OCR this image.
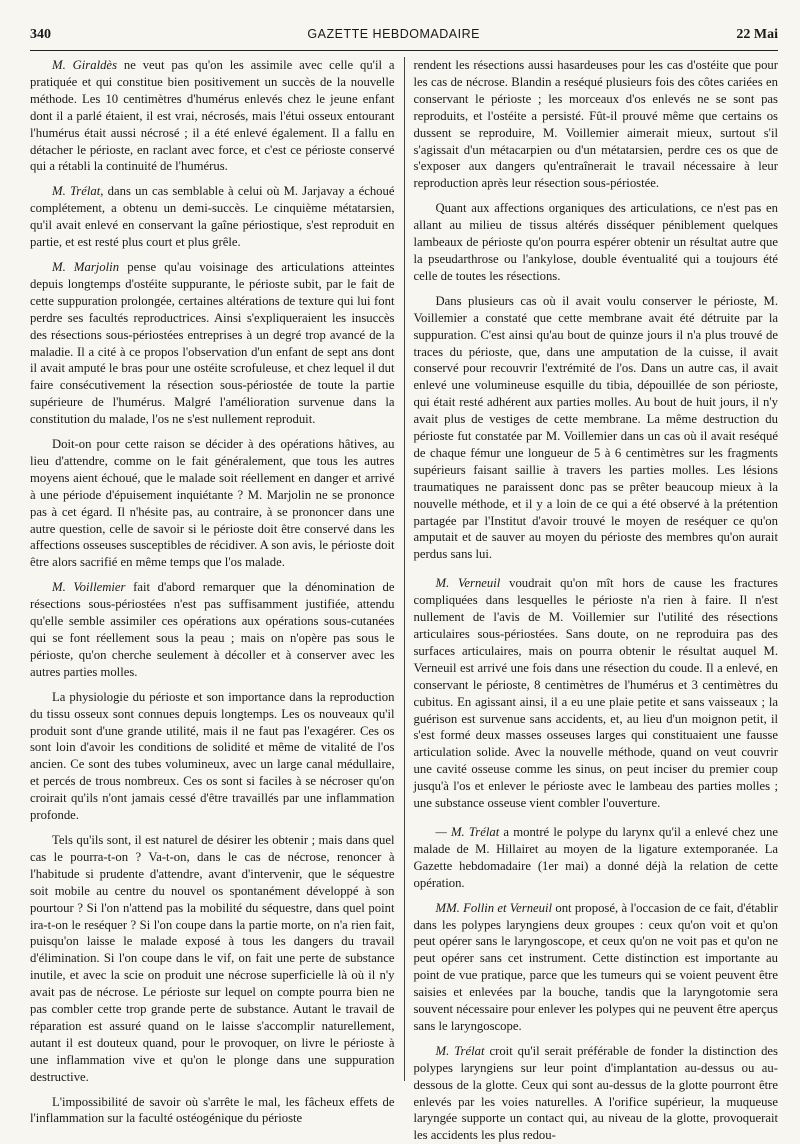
340	GAZETTE HEBDOMADAIRE	22 Mai

M. Giraldès ne veut pas qu'on les assimile avec celle qu'il a pratiquée et qui constitue bien positivement un succès de la nouvelle méthode. Les 10 centimètres d'humérus enlevés chez le jeune enfant dont il a parlé étaient, il est vrai, nécrosés, mais l'étui osseux entourant l'humérus était aussi nécrosé ; il a été enlevé également. Il a fallu en détacher le périoste, en raclant avec force, et c'est ce périoste conservé qui a rétabli la continuité de l'humérus.

M. Trélat, dans un cas semblable à celui où M. Jarjavay a échoué complétement, a obtenu un demi-succès. Le cinquième métatarsien, qu'il avait enlevé en conservant la gaîne périostique, s'est reproduit en partie, et est resté plus court et plus grêle.

M. Marjolin pense qu'au voisinage des articulations atteintes depuis longtemps d'ostéite suppurante, le périoste subit, par le fait de cette suppuration prolongée, certaines altérations de texture qui lui font perdre ses facultés reproductrices. Ainsi s'expliqueraient les insuccès des résections sous-périostées entreprises à un degré trop avancé de la maladie. Il a cité à ce propos l'observation d'un enfant de sept ans dont il avait amputé le bras pour une ostéite scrofuleuse, et chez lequel il dut faire consécutivement la résection sous-périostée de toute la partie supérieure de l'humérus. Malgré l'amélioration survenue dans la constitution du malade, l'os ne s'est nullement reproduit.

Doit-on pour cette raison se décider à des opérations hâtives, au lieu d'attendre, comme on le fait généralement, que tous les autres moyens aient échoué, que le malade soit réellement en danger et arrivé à une période d'épuisement inquiétante ? M. Marjolin ne se prononce pas à cet égard. Il n'hésite pas, au contraire, à se prononcer dans une autre question, celle de savoir si le périoste doit être conservé dans les affections osseuses susceptibles de récidiver. A son avis, le périoste doit être alors sacrifié en même temps que l'os malade.

M. Voillemier fait d'abord remarquer que la dénomination de résections sous-périostées n'est pas suffisamment justifiée, attendu qu'elle semble assimiler ces opérations aux opérations sous-cutanées qui se font réellement sous la peau ; mais on n'opère pas sous le périoste, qu'on cherche seulement à décoller et à conserver avec les autres parties molles.

La physiologie du périoste et son importance dans la reproduction du tissu osseux sont connues depuis longtemps. Les os nouveaux qu'il produit sont d'une grande utilité, mais il ne faut pas l'exagérer. Ces os sont loin d'avoir les conditions de solidité et même de vitalité de l'os ancien. Ce sont des tubes volumineux, avec un large canal médullaire, et percés de trous nombreux. Ces os sont si faciles à se nécroser qu'on croirait qu'ils n'ont jamais cessé d'être travaillés par une inflammation profonde.

Tels qu'ils sont, il est naturel de désirer les obtenir ; mais dans quel cas le pourra-t-on ? Va-t-on, dans le cas de nécrose, renoncer à l'habitude si prudente d'attendre, avant d'intervenir, que le séquestre soit mobile au centre du nouvel os spontanément développé à son pourtour ? Si l'on n'attend pas la mobilité du séquestre, dans quel point ira-t-on le reséquer ? Si l'on coupe dans la partie morte, on n'a rien fait, puisqu'on laisse le malade exposé à tous les dangers du travail d'élimination. Si l'on coupe dans le vif, on fait une perte de substance inutile, et avec la scie on produit une nécrose superficielle là où il n'y avait pas de nécrose. Le périoste sur lequel on compte pourra bien ne pas combler cette trop grande perte de substance. Autant le travail de réparation est assuré quand on le laisse s'accomplir naturellement, autant il est douteux quand, pour le provoquer, on livre le périoste à une inflammation vive et qu'on le plonge dans une suppuration destructive.

L'impossibilité de savoir où s'arrête le mal, les fâcheux effets de l'inflammation sur la faculté ostéogénique du périoste

rendent les résections aussi hasardeuses pour les cas d'ostéite que pour les cas de nécrose. Blandin a reséqué plusieurs fois des côtes cariées en conservant le périoste ; les morceaux d'os enlevés ne se sont pas reproduits, et l'ostéite a persisté. Fût-il prouvé même que certains os dussent se reproduire, M. Voillemier aimerait mieux, surtout s'il s'agissait d'un métacarpien ou d'un métatarsien, perdre ces os que de s'exposer aux dangers qu'entraînerait le travail nécessaire à leur reproduction après leur résection sous-périostée.

Quant aux affections organiques des articulations, ce n'est pas en allant au milieu de tissus altérés disséquer péniblement quelques lambeaux de périoste qu'on pourra espérer obtenir un résultat autre que la pseudarthrose ou l'ankylose, double éventualité qui a toujours été celle de toutes les résections.

Dans plusieurs cas où il avait voulu conserver le périoste, M. Voillemier a constaté que cette membrane avait été détruite par la suppuration. C'est ainsi qu'au bout de quinze jours il n'a plus trouvé de traces du périoste, que, dans une amputation de la cuisse, il avait conservé pour recouvrir l'extrémité de l'os. Dans un autre cas, il avait enlevé une volumineuse esquille du tibia, dépouillée de son périoste, qui était resté adhérent aux parties molles. Au bout de huit jours, il n'y avait plus de vestiges de cette membrane. La même destruction du périoste fut constatée par M. Voillemier dans un cas où il avait reséqué de chaque fémur une longueur de 5 à 6 centimètres sur les fragments supérieurs faisant saillie à travers les parties molles. Les lésions traumatiques ne paraissent donc pas se prêter beaucoup mieux à la nouvelle méthode, et il y a loin de ce qui a été observé à la prétention partagée par l'Institut d'avoir trouvé le moyen de reséquer ce qu'on amputait et de sauver au moyen du périoste des membres qu'on aurait perdus sans lui.

M. Verneuil voudrait qu'on mît hors de cause les fractures compliquées dans lesquelles le périoste n'a rien à faire. Il n'est nullement de l'avis de M. Voillemier sur l'utilité des résections articulaires sous-périostées. Sans doute, on ne reproduira pas des surfaces articulaires, mais on pourra obtenir le résultat auquel M. Verneuil est arrivé une fois dans une résection du coude. Il a enlevé, en conservant le périoste, 8 centimètres de l'humérus et 3 centimètres du cubitus. En agissant ainsi, il a eu une plaie petite et sans vaisseaux ; la guérison est survenue sans accidents, et, au lieu d'un moignon petit, il s'est formé deux masses osseuses larges qui constituaient une fausse articulation solide. Avec la nouvelle méthode, quand on veut couvrir une cavité osseuse comme les sinus, on peut inciser du premier coup jusqu'à l'os et enlever le périoste avec le lambeau des parties molles ; une substance osseuse vient combler l'ouverture.

— M. Trélat a montré le polype du larynx qu'il a enlevé chez une malade de M. Hillairet au moyen de la ligature extemporanée. La Gazette hebdomadaire (1er mai) a donné déjà la relation de cette opération.

MM. Follin et Verneuil ont proposé, à l'occasion de ce fait, d'établir dans les polypes laryngiens deux groupes : ceux qu'on voit et qu'on peut opérer sans le laryngoscope, et ceux qu'on ne voit pas et qu'on ne peut opérer sans cet instrument. Cette distinction est importante au point de vue pratique, parce que les tumeurs qui se voient peuvent être saisies et enlevées par la bouche, tandis que la laryngotomie sera souvent nécessaire pour enlever les polypes qui ne peuvent être aperçus sans le laryngoscope.

M. Trélat croit qu'il serait préférable de fonder la distinction des polypes laryngiens sur leur point d'implantation au-dessus ou au-dessous de la glotte. Ceux qui sont au-dessus de la glotte pourront être enlevés par les voies naturelles. A l'orifice supérieur, la muqueuse laryngée supporte un contact qui, au niveau de la glotte, provoquerait les accidents les plus redou-
